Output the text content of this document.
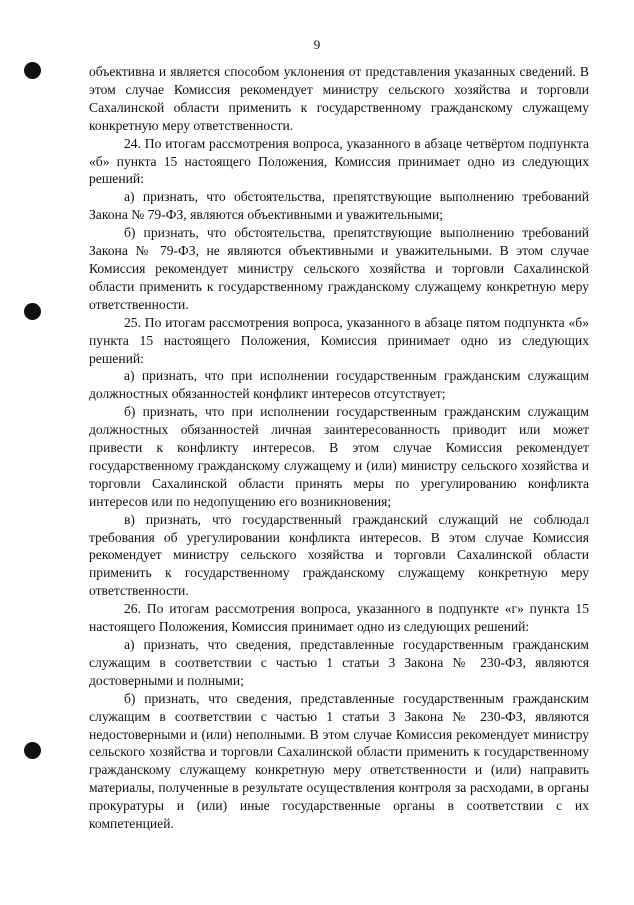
9

объективна и является способом уклонения от представления указанных сведений. В этом случае Комиссия рекомендует министру сельского хозяйства и торговли Сахалинской области применить к государственному гражданскому служащему конкретную меру ответственности.

24. По итогам рассмотрения вопроса, указанного в абзаце четвёртом подпункта «б» пункта 15 настоящего Положения, Комиссия принимает одно из следующих решений:

а) признать, что обстоятельства, препятствующие выполнению требований Закона № 79-ФЗ, являются объективными и уважительными;

б) признать, что обстоятельства, препятствующие выполнению требований Закона № 79-ФЗ, не являются объективными и уважительными. В этом случае Комиссия рекомендует министру сельского хозяйства и торговли Сахалинской области применить к государственному гражданскому служащему конкретную меру ответственности.

25. По итогам рассмотрения вопроса, указанного в абзаце пятом подпункта «б» пункта 15 настоящего Положения, Комиссия принимает одно из следующих решений:

а) признать, что при исполнении государственным гражданским служащим должностных обязанностей конфликт интересов отсутствует;

б) признать, что при исполнении государственным гражданским служащим должностных обязанностей личная заинтересованность приводит или может привести к конфликту интересов. В этом случае Комиссия рекомендует государственному гражданскому служащему и (или) министру сельского хозяйства и торговли Сахалинской области принять меры по урегулированию конфликта интересов или по недопущению его возникновения;

в) признать, что государственный гражданский служащий не соблюдал требования об урегулировании конфликта интересов. В этом случае Комиссия рекомендует министру сельского хозяйства и торговли Сахалинской области применить к государственному гражданскому служащему конкретную меру ответственности.

26. По итогам рассмотрения вопроса, указанного в подпункте «г» пункта 15 настоящего Положения, Комиссия принимает одно из следующих решений:

а) признать, что сведения, представленные государственным гражданским служащим в соответствии с частью 1 статьи 3 Закона № 230-ФЗ, являются достоверными и полными;

б) признать, что сведения, представленные государственным гражданским служащим в соответствии с частью 1 статьи 3 Закона № 230-ФЗ, являются недостоверными и (или) неполными. В этом случае Комиссия рекомендует министру сельского хозяйства и торговли Сахалинской области применить к государственному гражданскому служащему конкретную меру ответственности и (или) направить материалы, полученные в результате осуществления контроля за расходами, в органы прокуратуры и (или) иные государственные органы в соответствии с их компетенцией.
